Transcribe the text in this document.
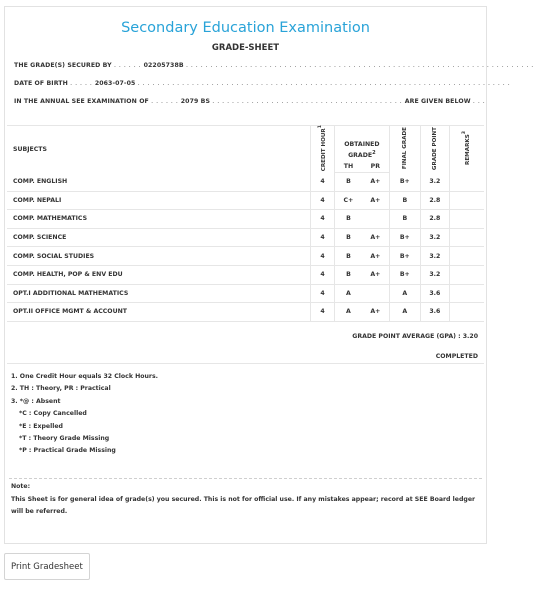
Secondary Education Examination
GRADE-SHEET
THE GRADE(S) SECURED BY . . . . . . 02205738B . . . . . . . . . . . . . . . . . . . . . . . . . . . . . . . . . . . . . . . . . . . . . . . . . . . . . . . . . . . . . . . . . . . . . . .
DATE OF BIRTH . . . . . 2063-07-05 . . . . . . . . . . . . . . . . . . . . . . . . . . . . . . . . . . . . . . . . . . . . . . . . . . . . . . . . . . . . . . . . . . . . . . . . . . . .
IN THE ANNUAL SEE EXAMINATION OF . . . . . . 2079 BS . . . . . . . . . . . . . . . . . . . . . . . . . . . . . . . . . . . . . . . ARE GIVEN BELOW . . .
SUBJECTS	CREDIT HOUR$^1$	OBTAINED GRADE$^2$		FINAL GRADE	GRADE POINT	REMARKS$^3$
		TH	PR			
COMP. ENGLISH	4	B	A+	B+	3.2	
COMP. NEPALI	4	C+	A+	B	2.8	
COMP. MATHEMATICS	4	B		B	2.8	
COMP. SCIENCE	4	B	A+	B+	3.2	
COMP. SOCIAL STUDIES	4	B	A+	B+	3.2	
COMP. HEALTH, POP & ENV EDU	4	B	A+	B+	3.2	
OPT.I ADDITIONAL MATHEMATICS	4	A		A	3.6	
OPT.II OFFICE MGMT & ACCOUNT	4	A	A+	A	3.6	
GRADE POINT AVERAGE (GPA) : 3.20
COMPLETED
1. One Credit Hour equals 32 Clock Hours.
2. TH : Theory, PR : Practical
3. *@ : Absent
*C : Copy Cancelled
*E : Expelled
*T : Theory Grade Missing
*P : Practical Grade Missing
Note:
This Sheet is for general idea of grade(s) you secured. This is not for official use. If any mistakes appear; record at SEE Board ledger will be referred.
Print Gradesheet
